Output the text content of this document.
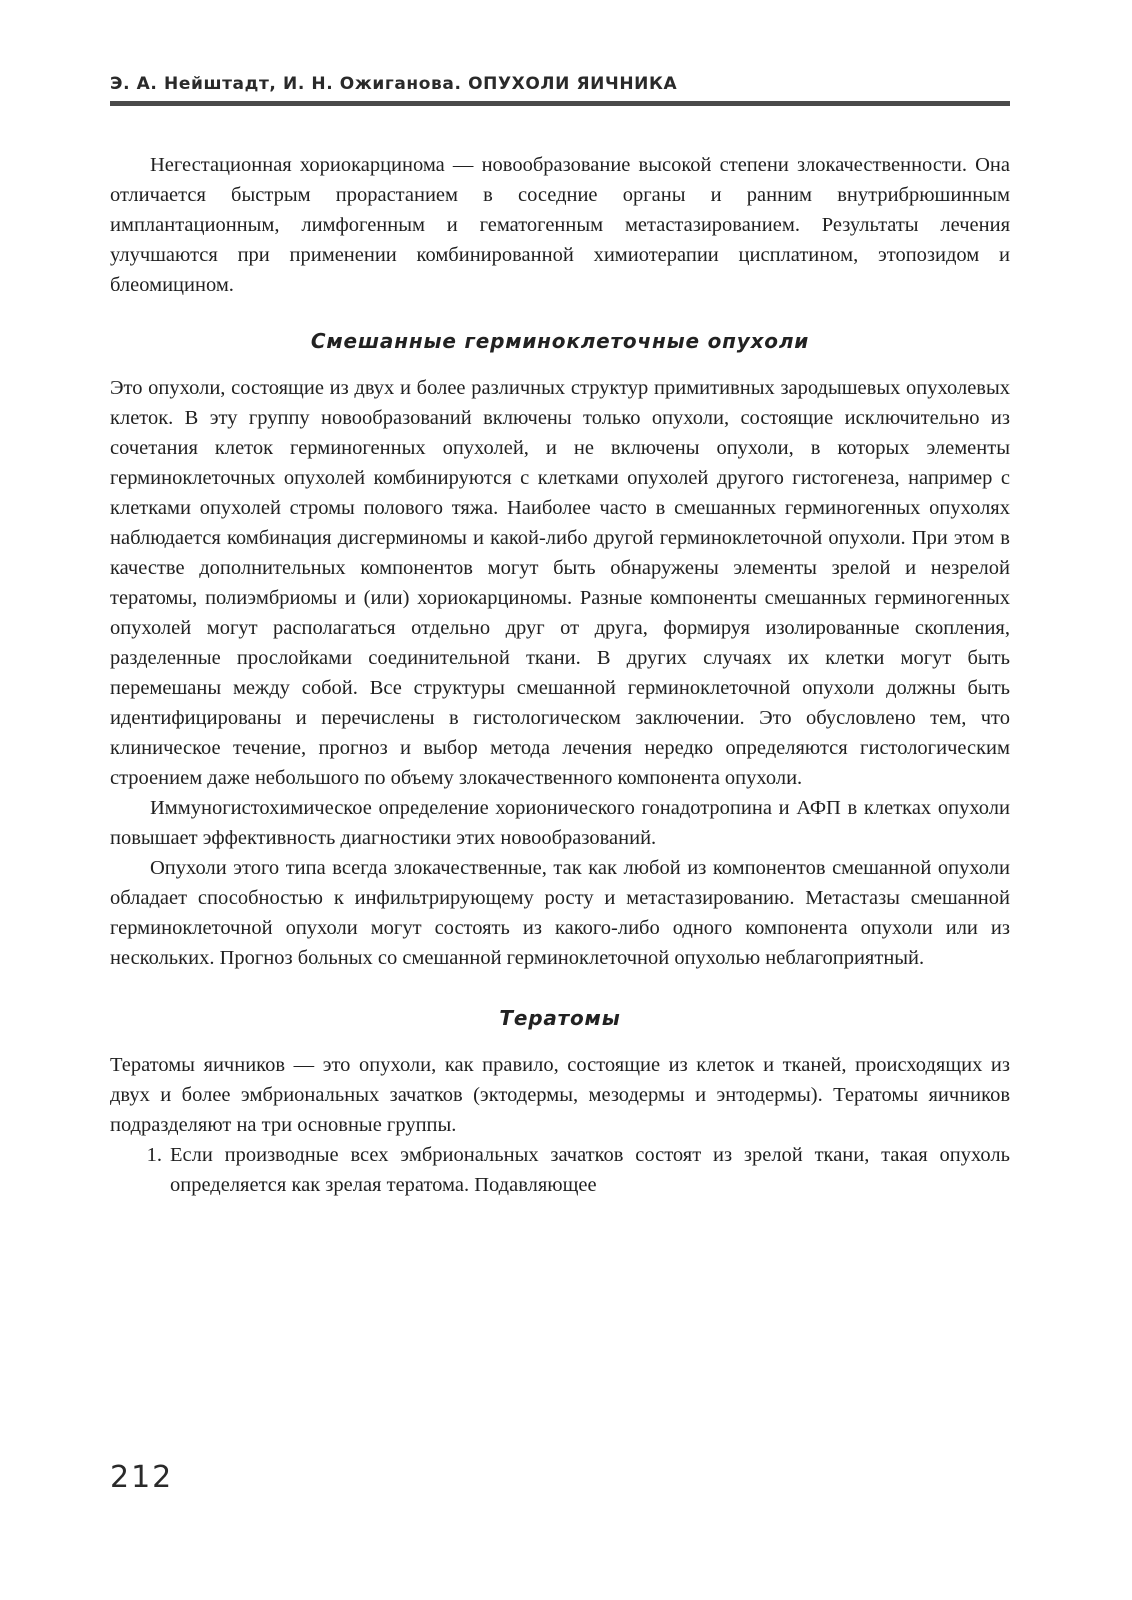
Э. А. Нейштадт, И. Н. Ожиганова. ОПУХОЛИ ЯИЧНИКА

Негестационная хориокарцинома — новообразование высокой степени злокачественности. Она отличается быстрым прорастанием в соседние органы и ранним внутрибрюшинным имплантационным, лимфогенным и гематогенным метастазированием. Результаты лечения улучшаются при применении комбинированной химиотерапии цисплатином, этопозидом и блеомицином.

Смешанные герминоклеточные опухоли

Это опухоли, состоящие из двух и более различных структур примитивных зародышевых опухолевых клеток. В эту группу новообразований включены только опухоли, состоящие исключительно из сочетания клеток герминогенных опухолей, и не включены опухоли, в которых элементы герминоклеточных опухолей комбинируются с клетками опухолей другого гистогенеза, например с клетками опухолей стромы полового тяжа. Наиболее часто в смешанных герминогенных опухолях наблюдается комбинация дисгерминомы и какой-либо другой герминоклеточной опухоли. При этом в качестве дополнительных компонентов могут быть обнаружены элементы зрелой и незрелой тератомы, полиэмбриомы и (или) хориокарциномы. Разные компоненты смешанных герминогенных опухолей могут располагаться отдельно друг от друга, формируя изолированные скопления, разделенные прослойками соединительной ткани. В других случаях их клетки могут быть перемешаны между собой. Все структуры смешанной герминоклеточной опухоли должны быть идентифицированы и перечислены в гистологическом заключении. Это обусловлено тем, что клиническое течение, прогноз и выбор метода лечения нередко определяются гистологическим строением даже небольшого по объему злокачественного компонента опухоли.

Иммуногистохимическое определение хорионического гонадотропина и АФП в клетках опухоли повышает эффективность диагностики этих новообразований.

Опухоли этого типа всегда злокачественные, так как любой из компонентов смешанной опухоли обладает способностью к инфильтрирующему росту и метастазированию. Метастазы смешанной герминоклеточной опухоли могут состоять из какого-либо одного компонента опухоли или из нескольких. Прогноз больных со смешанной герминоклеточной опухолью неблагоприятный.

Тератомы

Тератомы яичников — это опухоли, как правило, состоящие из клеток и тканей, происходящих из двух и более эмбриональных зачатков (эктодермы, мезодермы и энтодермы). Тератомы яичников подразделяют на три основные группы.

1. Если производные всех эмбриональных зачатков состоят из зрелой ткани, такая опухоль определяется как зрелая тератома. Подавляющее
212
